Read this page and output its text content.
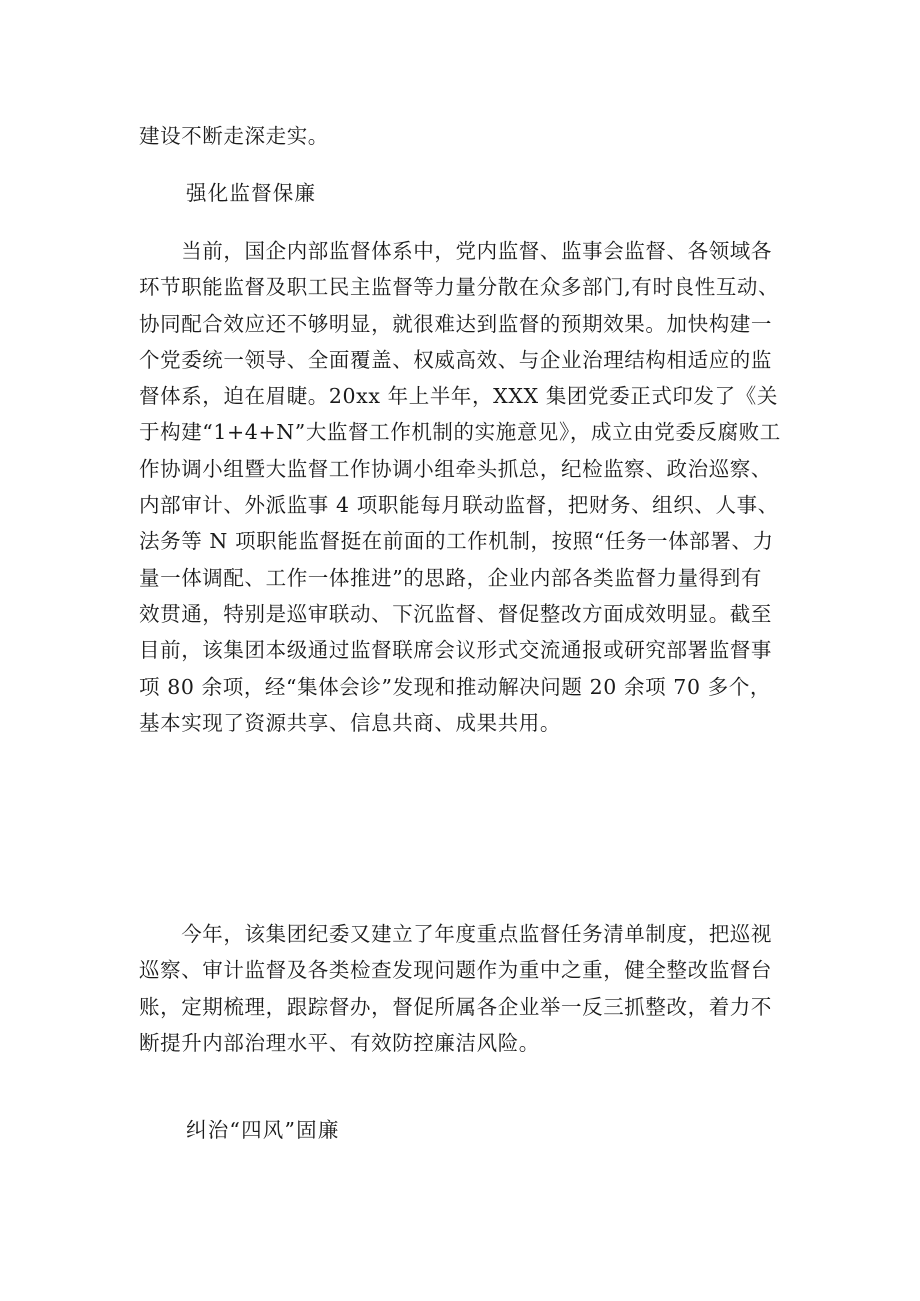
建设不断走深走实。
强化监督保廉
　　当前，国企内部监督体系中，党内监督、监事会监督、各领域各
环节职能监督及职工民主监督等力量分散在众多部门,有时良性互动、
协同配合效应还不够明显，就很难达到监督的预期效果。加快构建一
个党委统一领导、全面覆盖、权威高效、与企业治理结构相适应的监
督体系，迫在眉睫。20xx 年上半年，XXX 集团党委正式印发了《关
于构建“1+4+N”大监督工作机制的实施意见》，成立由党委反腐败工
作协调小组暨大监督工作协调小组牵头抓总，纪检监察、政治巡察、
内部审计、外派监事 4 项职能每月联动监督，把财务、组织、人事、
法务等 N 项职能监督挺在前面的工作机制，按照“任务一体部署、力
量一体调配、工作一体推进”的思路，企业内部各类监督力量得到有
效贯通，特别是巡审联动、下沉监督、督促整改方面成效明显。截至
目前，该集团本级通过监督联席会议形式交流通报或研究部署监督事
项 80 余项，经“集体会诊”发现和推动解决问题 20 余项 70 多个，
基本实现了资源共享、信息共商、成果共用。
　　今年，该集团纪委又建立了年度重点监督任务清单制度，把巡视
巡察、审计监督及各类检查发现问题作为重中之重，健全整改监督台
账，定期梳理，跟踪督办，督促所属各企业举一反三抓整改，着力不
断提升内部治理水平、有效防控廉洁风险。
纠治“四风”固廉
